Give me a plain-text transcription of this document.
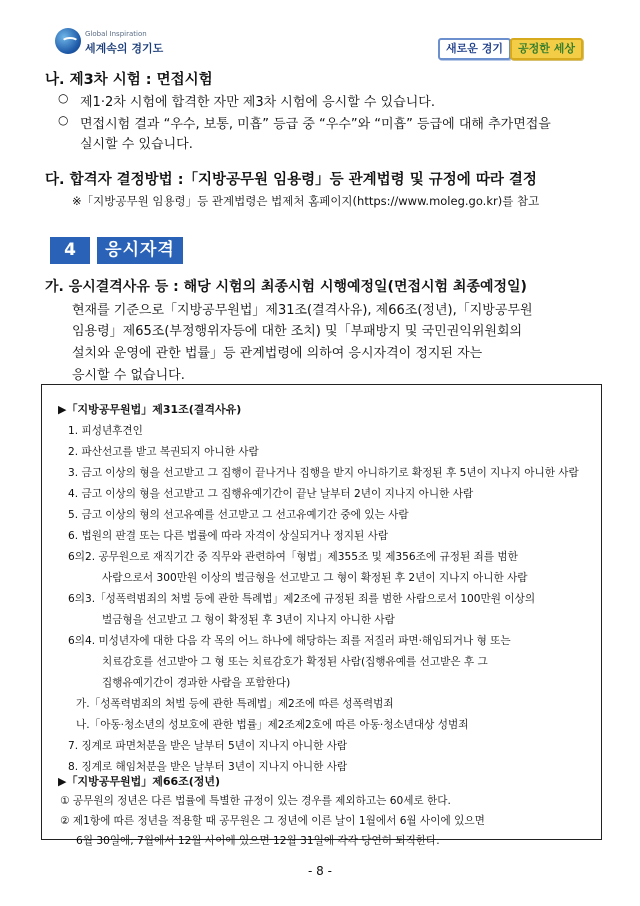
Global Inspiration
세계속의 경기도	새로운 경기	공정한 세상
나. 제3차 시험 : 면접시험
○ 제1·2차 시험에 합격한 자만 제3차 시험에 응시할 수 있습니다.
○ 면접시험 결과 “우수, 보통, 미흡” 등급 중 “우수”와 “미흡” 등급에 대해 추가면접을
실시할 수 있습니다.
다. 합격자 결정방법 :「지방공무원 임용령」등 관계법령 및 규정에 따라 결정
※「지방공무원 임용령」등 관계법령은 법제처 홈페이지(https://www.moleg.go.kr)를 참고
4	응시자격
가. 응시결격사유 등 : 해당 시험의 최종시험 시행예정일(면접시험 최종예정일)
현재를 기준으로「지방공무원법」제31조(결격사유), 제66조(정년),「지방공무원
임용령」제65조(부정행위자등에 대한 조치) 및「부패방지 및 국민권익위원회의
설치와 운영에 관한 법률」등 관계법령에 의하여 응시자격이 정지된 자는
응시할 수 없습니다.
▶「지방공무원법」제31조(결격사유)
1. 피성년후견인
2. 파산선고를 받고 복권되지 아니한 사람
3. 금고 이상의 형을 선고받고 그 집행이 끝나거나 집행을 받지 아니하기로 확정된 후 5년이 지나지 아니한 사람
4. 금고 이상의 형을 선고받고 그 집행유예기간이 끝난 날부터 2년이 지나지 아니한 사람
5. 금고 이상의 형의 선고유예를 선고받고 그 선고유예기간 중에 있는 사람
6. 법원의 판결 또는 다른 법률에 따라 자격이 상실되거나 정지된 사람
6의2. 공무원으로 재직기간 중 직무와 관련하여「형법」제355조 및 제356조에 규정된 죄를 범한
사람으로서 300만원 이상의 벌금형을 선고받고 그 형이 확정된 후 2년이 지나지 아니한 사람
6의3.「성폭력범죄의 처벌 등에 관한 특례법」제2조에 규정된 죄를 범한 사람으로서 100만원 이상의
벌금형을 선고받고 그 형이 확정된 후 3년이 지나지 아니한 사람
6의4. 미성년자에 대한 다음 각 목의 어느 하나에 해당하는 죄를 저질러 파면·해임되거나 형 또는
치료감호를 선고받아 그 형 또는 치료감호가 확정된 사람(집행유예를 선고받은 후 그
집행유예기간이 경과한 사람을 포함한다)
가.「성폭력범죄의 처벌 등에 관한 특례법」제2조에 따른 성폭력범죄
나.「아동·청소년의 성보호에 관한 법률」제2조제2호에 따른 아동·청소년대상 성범죄
7. 징계로 파면처분을 받은 날부터 5년이 지나지 아니한 사람
8. 징계로 해임처분을 받은 날부터 3년이 지나지 아니한 사람
▶「지방공무원법」제66조(정년)
① 공무원의 정년은 다른 법률에 특별한 규정이 있는 경우를 제외하고는 60세로 한다.
② 제1항에 따른 정년을 적용할 때 공무원은 그 정년에 이른 날이 1월에서 6월 사이에 있으면
6월 30일에, 7월에서 12월 사이에 있으면 12월 31일에 각각 당연히 퇴직한다.
- 8 -
